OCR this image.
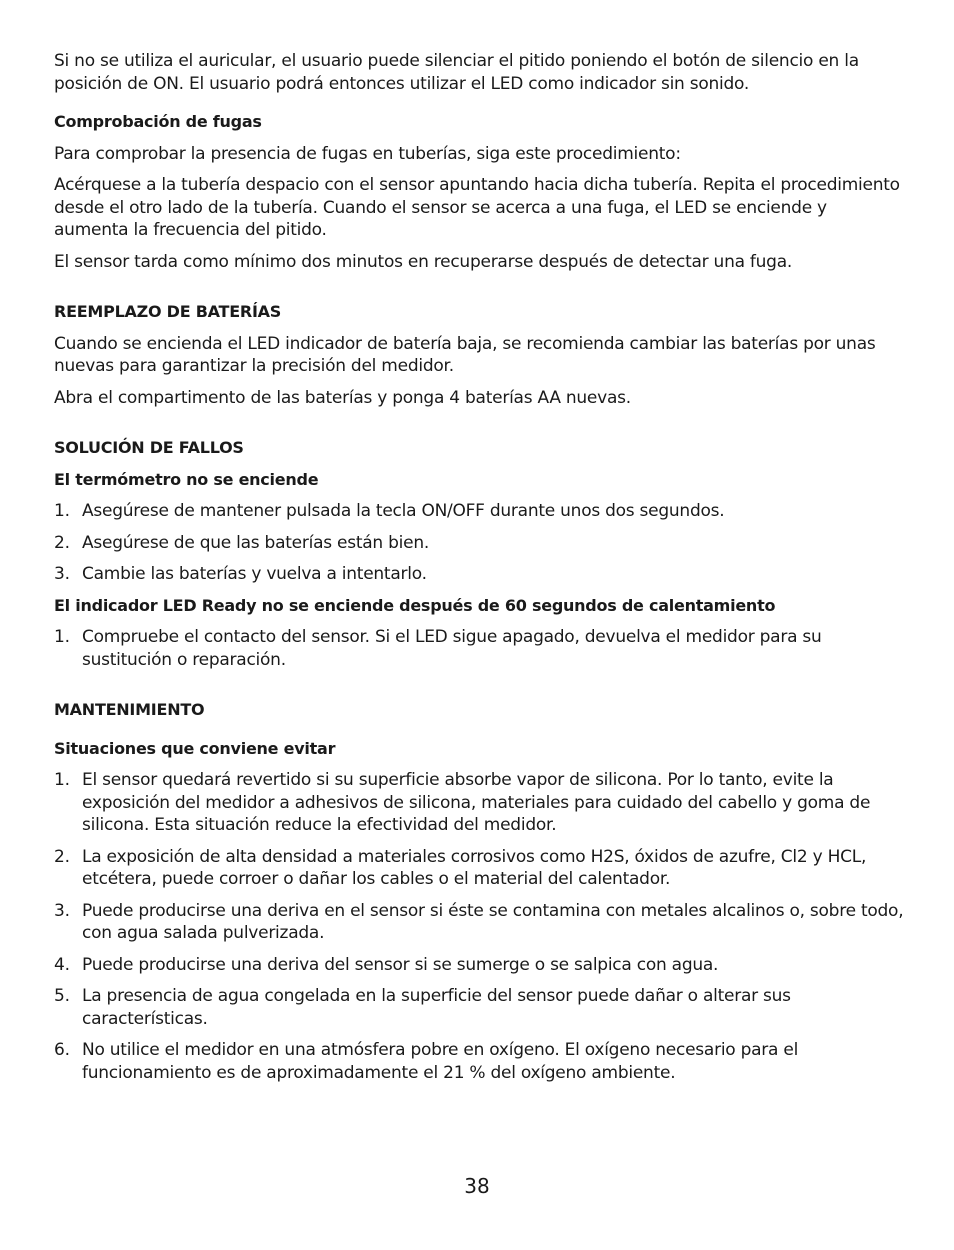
Si no se utiliza el auricular, el usuario puede silenciar el pitido poniendo el botón de silencio en la posición de ON. El usuario podrá entonces utilizar el LED como indicador sin sonido.

Comprobación de fugas

Para comprobar la presencia de fugas en tuberías, siga este procedimiento:

Acérquese a la tubería despacio con el sensor apuntando hacia dicha tubería. Repita el procedimiento desde el otro lado de la tubería. Cuando el sensor se acerca a una fuga, el LED se enciende y aumenta la frecuencia del pitido.

El sensor tarda como mínimo dos minutos en recuperarse después de detectar una fuga.

REEMPLAZO DE BATERÍAS

Cuando se encienda el LED indicador de batería baja, se recomienda cambiar las baterías por unas nuevas para garantizar la precisión del medidor.

Abra el compartimento de las baterías y ponga 4 baterías AA nuevas.

SOLUCIÓN DE FALLOS

El termómetro no se enciende

1. Asegúrese de mantener pulsada la tecla ON/OFF durante unos dos segundos.
2. Asegúrese de que las baterías están bien.
3. Cambie las baterías y vuelva a intentarlo.

El indicador LED Ready no se enciende después de 60 segundos de calentamiento

1. Compruebe el contacto del sensor. Si el LED sigue apagado, devuelva el medidor para su sustitución o reparación.

MANTENIMIENTO

Situaciones que conviene evitar

1. El sensor quedará revertido si su superficie absorbe vapor de silicona. Por lo tanto, evite la exposición del medidor a adhesivos de silicona, materiales para cuidado del cabello y goma de silicona. Esta situación reduce la efectividad del medidor.
2. La exposición de alta densidad a materiales corrosivos como H2S, óxidos de azufre, Cl2 y HCL, etcétera, puede corroer o dañar los cables o el material del calentador.
3. Puede producirse una deriva en el sensor si éste se contamina con metales alcalinos o, sobre todo, con agua salada pulverizada.
4. Puede producirse una deriva del sensor si se sumerge o se salpica con agua.
5. La presencia de agua congelada en la superficie del sensor puede dañar o alterar sus características.
6. No utilice el medidor en una atmósfera pobre en oxígeno. El oxígeno necesario para el funcionamiento es de aproximadamente el 21 % del oxígeno ambiente.
38
